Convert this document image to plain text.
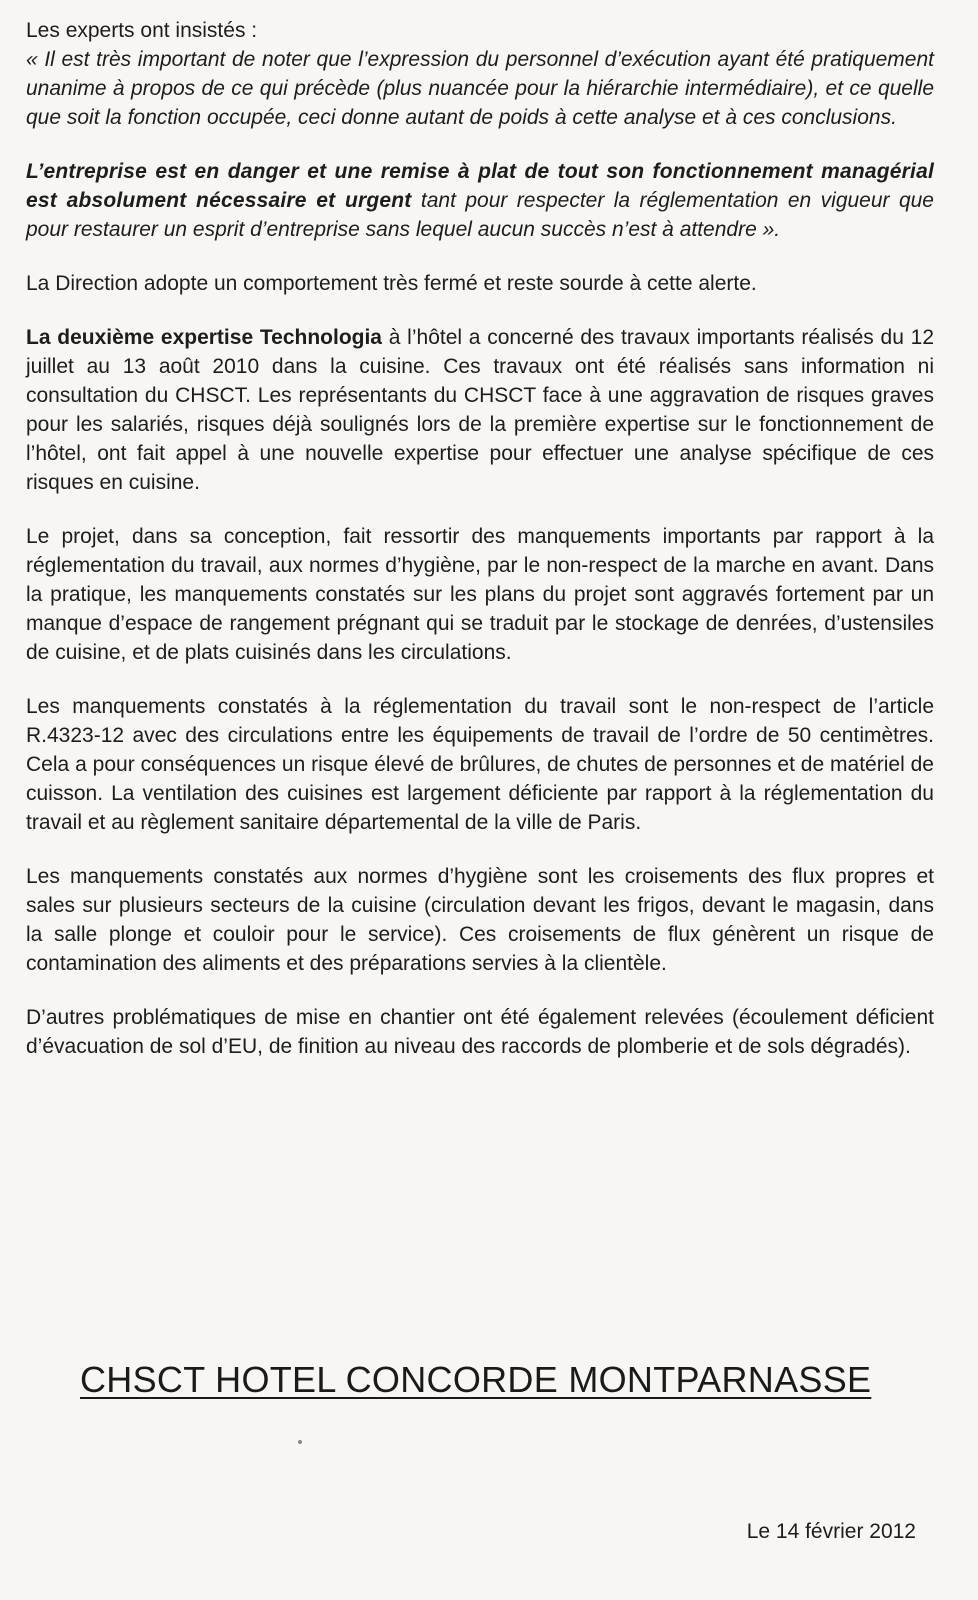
Les experts ont insistés :

« Il est très important de noter que l’expression du personnel d’exécution ayant été pratiquement unanime à propos de ce qui précède (plus nuancée pour la hiérarchie intermédiaire), et ce quelle que soit la fonction occupée, ceci donne autant de poids à cette analyse et à ces conclusions.

L’entreprise est en danger et une remise à plat de tout son fonctionnement managérial est absolument nécessaire et urgent tant pour respecter la réglementation en vigueur que pour restaurer un esprit d’entreprise sans lequel aucun succès n’est à attendre ».

La Direction adopte un comportement très fermé et reste sourde à cette alerte.

La deuxième expertise Technologia à l’hôtel a concerné des travaux importants réalisés du 12 juillet au 13 août 2010 dans la cuisine. Ces travaux ont été réalisés sans information ni consultation du CHSCT. Les représentants du CHSCT face à une aggravation de risques graves pour les salariés, risques déjà soulignés lors de la première expertise sur le fonctionnement de l’hôtel, ont fait appel à une nouvelle expertise pour effectuer une analyse spécifique de ces risques en cuisine.

Le projet, dans sa conception, fait ressortir des manquements importants par rapport à la réglementation du travail, aux normes d’hygiène, par le non-respect de la marche en avant. Dans la pratique, les manquements constatés sur les plans du projet sont aggravés fortement par un manque d’espace de rangement prégnant qui se traduit par le stockage de denrées, d’ustensiles de cuisine, et de plats cuisinés dans les circulations.

Les manquements constatés à la réglementation du travail sont le non-respect de l’article R.4323-12 avec des circulations entre les équipements de travail de l’ordre de 50 centimètres. Cela a pour conséquences un risque élevé de brûlures, de chutes de personnes et de matériel de cuisson. La ventilation des cuisines est largement déficiente par rapport à la réglementation du travail et au règlement sanitaire départemental de la ville de Paris.

Les manquements constatés aux normes d’hygiène sont les croisements des flux propres et sales sur plusieurs secteurs de la cuisine (circulation devant les frigos, devant le magasin, dans la salle plonge et couloir pour le service). Ces croisements de flux génèrent un risque de contamination des aliments et des préparations servies à la clientèle.

D’autres problématiques de mise en chantier ont été également relevées (écoulement déficient d’évacuation de sol d’EU, de finition au niveau des raccords de plomberie et de sols dégradés).

CHSCT HOTEL CONCORDE MONTPARNASSE
Le 14 février 2012
